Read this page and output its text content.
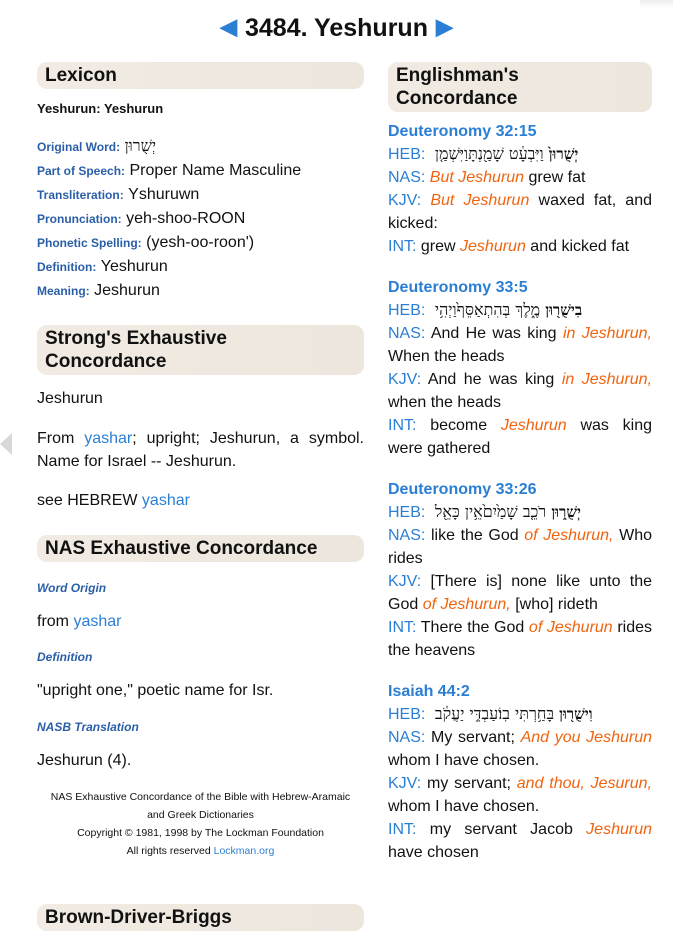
◀ 3484. Yeshurun ▶
Lexicon
Yeshurun: Yeshurun
Original Word: יְשֻׁרוּן
Part of Speech: Proper Name Masculine
Transliteration: Yshuruwn
Pronunciation: yeh-shoo-ROON
Phonetic Spelling: (yesh-oo-roon')
Definition: Yeshurun
Meaning: Jeshurun
Strong's Exhaustive
Concordance
Jeshurun
From yashar; upright; Jeshurun, a symbol. Name for Israel -- Jeshurun.
see HEBREW yashar
NAS Exhaustive Concordance
Word Origin
from yashar
Definition
"upright one," poetic name for Isr.
NASB Translation
Jeshurun (4).
NAS Exhaustive Concordance of the Bible with Hebrew-Aramaic
and Greek Dictionaries
Copyright © 1981, 1998 by The Lockman Foundation
All rights reserved Lockman.org
Brown-Driver-Briggs
Englishman's
Concordance
Deuteronomy 32:15
HEB: וַיִּשְׁמַ֤ן	יְשֻׁרוּן֙ וַיִּבְעָ֔ט שָׁמַ֖נְתָּ
NAS: But Jeshurun grew fat
KJV: But Jeshurun waxed fat, and kicked:
INT: grew Jeshurun and kicked fat
Deuteronomy 33:5
HEB: וַיְהִ֥י	בִישֻׁר֖וּן מֶ֑לֶךְ בְּהִתְאַסֵּף֙
NAS: And He was king in Jeshurun, When the heads
KJV: And he was king in Jeshurun, when the heads
INT: become Jeshurun was king were gathered
Deuteronomy 33:26
HEB: אֵ֥ין כָּאֵ֖ל	יְשֻׁר֑וּן רֹכֵ֤ב שָׁמַ֙יִם֙
NAS: like the God of Jeshurun, Who rides
KJV: [There is] none like unto the God of Jeshurun, [who] rideth
INT: There the God of Jeshurun rides the heavens
Isaiah 44:2
HEB: עַבְדִּ֣י יַעֲקֹ֔ב	וִישֻׁר֖וּן בָּחַ֥רְתִּי בֽוֹ׃
NAS: My servant; And you Jeshurun whom I have chosen.
KJV: my servant; and thou, Jesurun, whom I have chosen.
INT: my servant Jacob Jeshurun have chosen
